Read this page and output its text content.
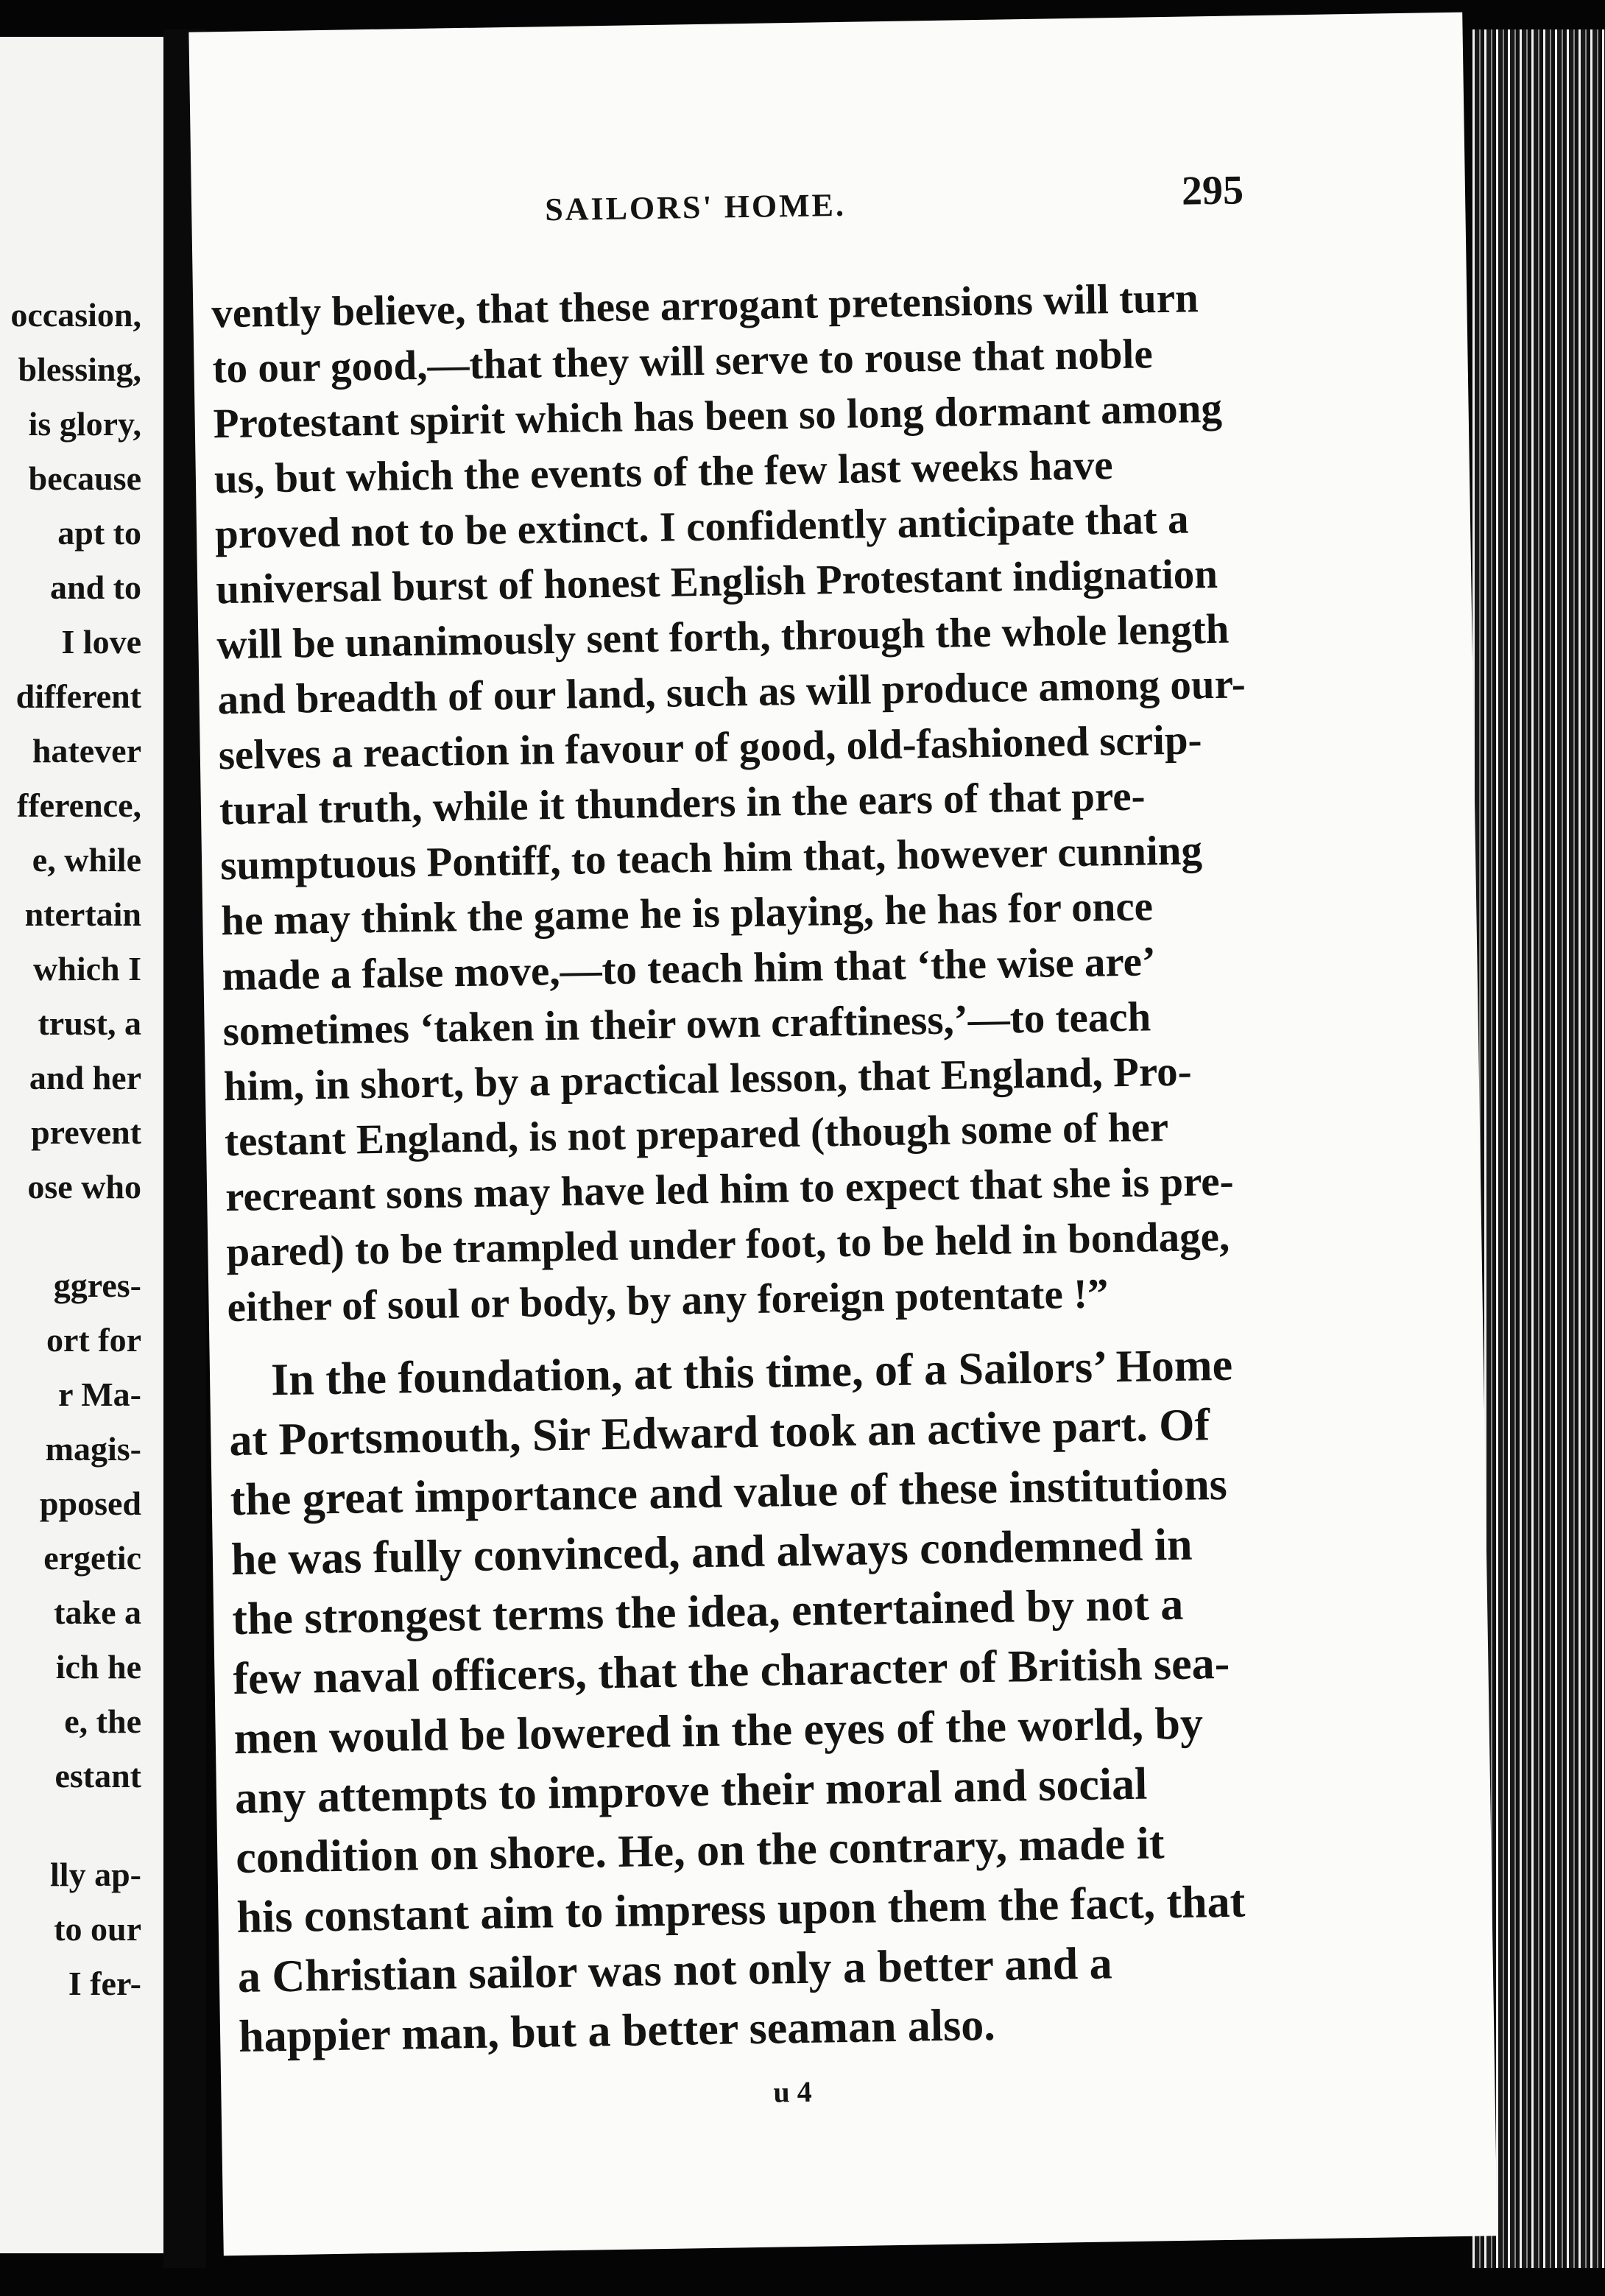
occasion,
blessing,
is glory,
because
apt to
and to
I love
different
hatever
fference,
e, while
ntertain
which I
trust, a
and her
prevent
ose who
ggres-
ort for
r Ma-
magis-
pposed
ergetic
take a
ich he
e, the
estant
lly ap-
to our
I fer-
SAILORS' HOME.	295
vently believe, that these arrogant pretensions will turn
to our good,—that they will serve to rouse that noble
Protestant spirit which has been so long dormant among
us, but which the events of the few last weeks have
proved not to be extinct. I confidently anticipate that a
universal burst of honest English Protestant indignation
will be unanimously sent forth, through the whole length
and breadth of our land, such as will produce among our-
selves a reaction in favour of good, old-fashioned scrip-
tural truth, while it thunders in the ears of that pre-
sumptuous Pontiff, to teach him that, however cunning
he may think the game he is playing, he has for once
made a false move,—to teach him that ‘the wise are’
sometimes ‘taken in their own craftiness,’—to teach
him, in short, by a practical lesson, that England, Pro-
testant England, is not prepared (though some of her
recreant sons may have led him to expect that she is pre-
pared) to be trampled under foot, to be held in bondage,
either of soul or body, by any foreign potentate !”
In the foundation, at this time, of a Sailors’ Home
at Portsmouth, Sir Edward took an active part. Of
the great importance and value of these institutions
he was fully convinced, and always condemned in
the strongest terms the idea, entertained by not a
few naval officers, that the character of British sea-
men would be lowered in the eyes of the world, by
any attempts to improve their moral and social
condition on shore. He, on the contrary, made it
his constant aim to impress upon them the fact, that
a Christian sailor was not only a better and a
happier man, but a better seaman also.
u 4
